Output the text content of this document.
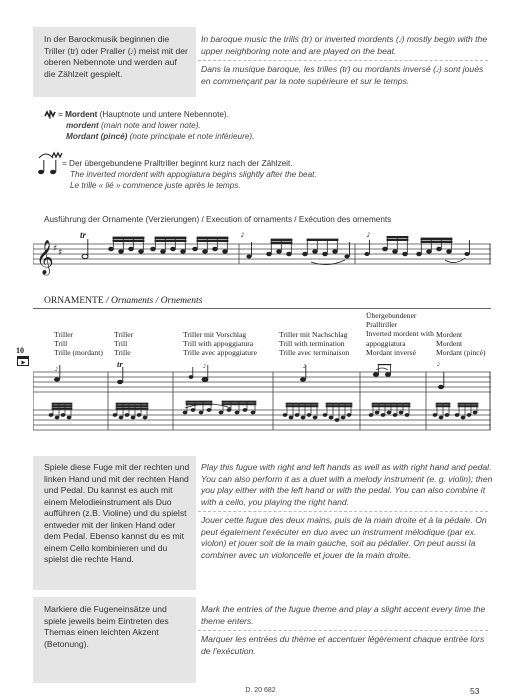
In der Barockmusik beginnen die Triller (tr) oder Praller (𝆕) meist mit der oberen Nebennote und werden auf die Zählzeit gespielt.
In baroque music the trills (tr) or inverted mordents (𝆕) mostly begin with the upper neighboring note and are played on the beat.
Dans la musique baroque, les trilles (tr) ou mordants inversé (𝆕) sont joués en commençant par la note supérieure et sur le temps.
= Mordent (Hauptnote und untere Nebennote).
mordent (main note and lower note).
Mordant (pincé) (note principale et note inférieure).
= Der übergebundene Pralltriller beginnt kurz nach der Zählzeit.
The inverted mordent with appogiatura begins slightly after the beat.
Le trille « lié » commence juste après le temps.
Ausführung der Ornamente (Verzierungen) / Execution of ornaments / Exécution des ornements
tr	𝆕	𝆕
𝄞 ♯ ♯
ORNAMENTE / Ornaments / Ornements
Triller
Trill
Trille (mordant)
Triller
Trill
Trille
Triller mit Vorschlag
Trill with appoggiatura
Trille avec appoggiature
Triller mit Nachschlag
Trill with termination
Trille avec terminaison
Übergebundener Pralltriller
Inverted mordent with appoggiatura
Mordant inversé
Mordent
Mordent
Mordant (pincé)
10
𝆕	tr	𝆕	𝆕	𝆕
Spiele diese Fuge mit der rechten und linken Hand und mit der rechten Hand und Pedal. Du kannst es auch mit einem Melodieinstrument als Duo aufführen (z.B. Violine) und du spielst entweder mit der linken Hand oder dem Pedal. Ebenso kannst du es mit einem Cello kombinieren und du spielst die rechte Hand.
Play this fugue with right and left hands as well as with right hand and pedal. You can also perform it as a duet with a melody instrument (e. g. violin); then you play either with the left hand or with the pedal. You can also combine it with a cello, you playing the right hand.
Jouer cette fugue des deux mains, puis de la main droite et à la pédale. On peut également l'exécuter en duo avec un instrument mélodique (par ex. violon) et jouer soit de la main gauche, soit au pédalier. On peut aussi la combiner avec un violoncelle et jouer de la main droite.
Markiere die Fugeneinsätze und spiele jeweils beim Eintreten des Themas einen leichten Akzent (Betonung).
Mark the entries of the fugue theme and play a slight accent every time the theme enters.
Marquer les entrées du thème et accentuer légèrement chaque entrée lors de l'exécution.
D. 20 682	53
